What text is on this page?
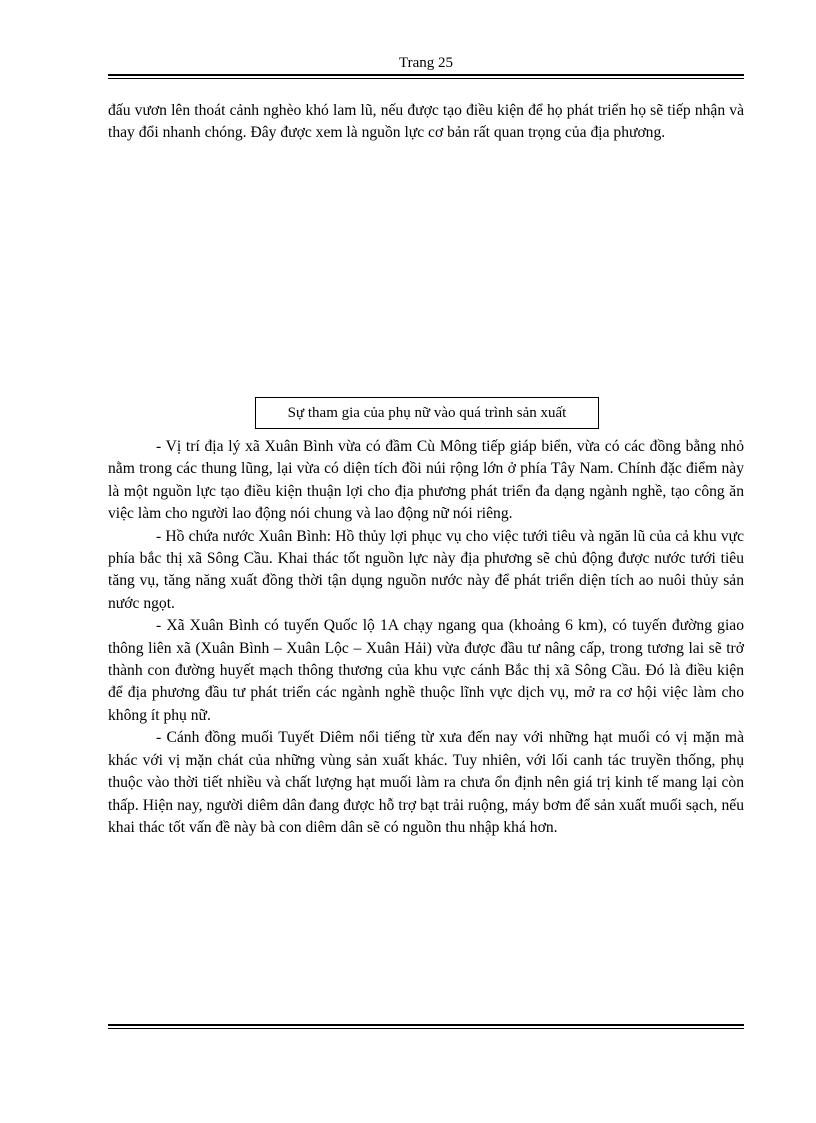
Trang 25

đấu vươn lên thoát cảnh nghèo khó lam lũ, nếu được tạo điều kiện để họ phát triển họ sẽ tiếp nhận và thay đổi nhanh chóng. Đây được xem là nguồn lực cơ bản rất quan trọng của địa phương.

Sự tham gia của phụ nữ vào quá trình sản xuất

- Vị trí địa lý xã Xuân Bình vừa có đầm Cù Mông tiếp giáp biển, vừa có các đồng bằng nhỏ nằm trong các thung lũng, lại vừa có diện tích đồi núi rộng lớn ở phía Tây Nam. Chính đặc điểm này là một nguồn lực tạo điều kiện thuận lợi cho địa phương phát triển đa dạng ngành nghề, tạo công ăn việc làm cho người lao động nói chung và lao động nữ nói riêng.

- Hồ chứa nước Xuân Bình: Hồ thủy lợi phục vụ cho việc tưới tiêu và ngăn lũ của cả khu vực phía bắc thị xã Sông Cầu. Khai thác tốt nguồn lực này địa phương sẽ chủ động được nước tưới tiêu tăng vụ, tăng năng xuất đồng thời tận dụng nguồn nước này để phát triển diện tích ao nuôi thủy sản nước ngọt.

- Xã Xuân Bình có tuyến Quốc lộ 1A chạy ngang qua (khoảng 6 km), có tuyến đường giao thông liên xã (Xuân Bình – Xuân Lộc – Xuân Hải) vừa được đầu tư nâng cấp, trong tương lai sẽ trở thành con đường huyết mạch thông thương của khu vực cánh Bắc thị xã Sông Cầu. Đó là điều kiện để địa phương đầu tư phát triển các ngành nghề thuộc lĩnh vực dịch vụ, mở ra cơ hội việc làm cho không ít phụ nữ.

- Cánh đồng muối Tuyết Diêm nổi tiếng từ xưa đến nay với những hạt muối có vị mặn mà khác với vị mặn chát của những vùng sản xuất khác. Tuy nhiên, với lối canh tác truyền thống, phụ thuộc vào thời tiết nhiều và chất lượng hạt muối làm ra chưa ổn định nên giá trị kinh tế mang lại còn thấp. Hiện nay, người diêm dân đang được hỗ trợ bạt trải ruộng, máy bơm để sản xuất muối sạch, nếu khai thác tốt vấn đề này bà con diêm dân sẽ có nguồn thu nhập khá hơn.
